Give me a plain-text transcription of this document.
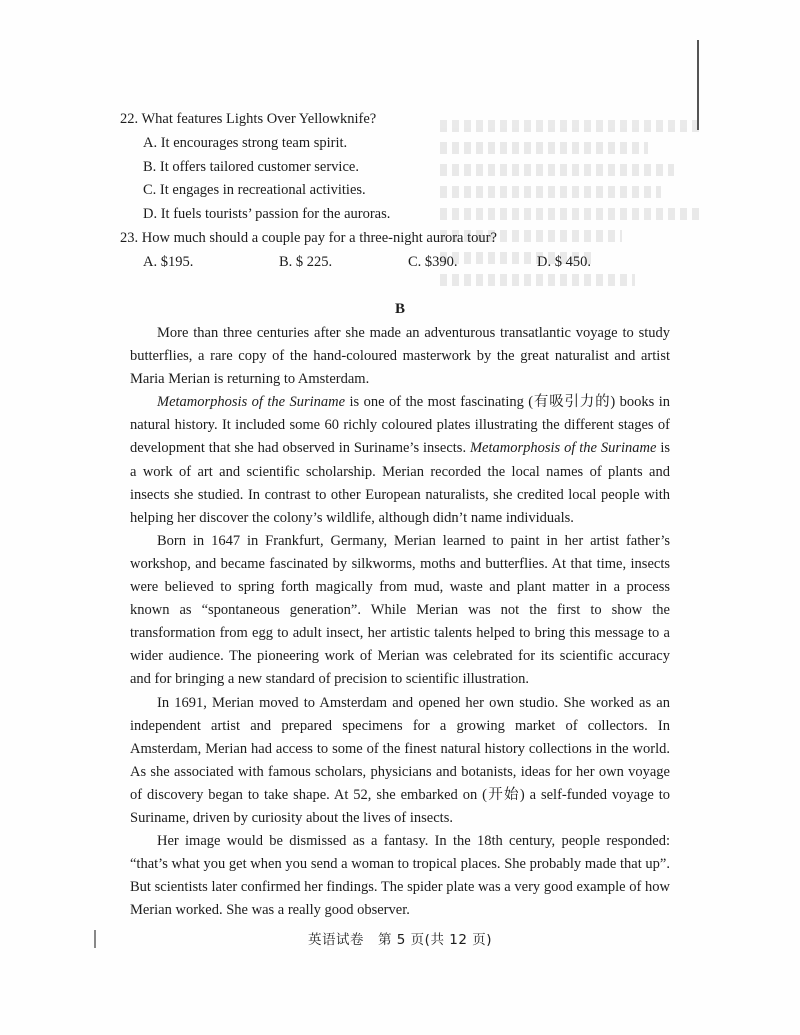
22. What features Lights Over Yellowknife?
A. It encourages strong team spirit.
B. It offers tailored customer service.
C. It engages in recreational activities.
D. It fuels tourists’ passion for the auroras.
23. How much should a couple pay for a three-night aurora tour?
A. $195.	B. $ 225.	C. $390.	D. $ 450.
B

More than three centuries after she made an adventurous transatlantic voyage to study butterflies, a rare copy of the hand-coloured masterwork by the great naturalist and artist Maria Merian is returning to Amsterdam.

Metamorphosis of the Suriname is one of the most fascinating (有吸引力的) books in natural history. It included some 60 richly coloured plates illustrating the different stages of development that she had observed in Suriname’s insects. Metamorphosis of the Suriname is a work of art and scientific scholarship. Merian recorded the local names of plants and insects she studied. In contrast to other European naturalists, she credited local people with helping her discover the colony’s wildlife, although didn’t name individuals.

Born in 1647 in Frankfurt, Germany, Merian learned to paint in her artist father’s workshop, and became fascinated by silkworms, moths and butterflies. At that time, insects were believed to spring forth magically from mud, waste and plant matter in a process known as “spontaneous generation”. While Merian was not the first to show the transformation from egg to adult insect, her artistic talents helped to bring this message to a wider audience. The pioneering work of Merian was celebrated for its scientific accuracy and for bringing a new standard of precision to scientific illustration.

In 1691, Merian moved to Amsterdam and opened her own studio. She worked as an independent artist and prepared specimens for a growing market of collectors. In Amsterdam, Merian had access to some of the finest natural history collections in the world. As she associated with famous scholars, physicians and botanists, ideas for her own voyage of discovery began to take shape. At 52, she embarked on (开始) a self-funded voyage to Suriname, driven by curiosity about the lives of insects.

Her image would be dismissed as a fantasy. In the 18th century, people responded: “that’s what you get when you send a woman to tropical places. She probably made that up”. But scientists later confirmed her findings. The spider plate was a very good example of how Merian worked. She was a really good observer.

英语试卷　第 5 页(共 12 页)
